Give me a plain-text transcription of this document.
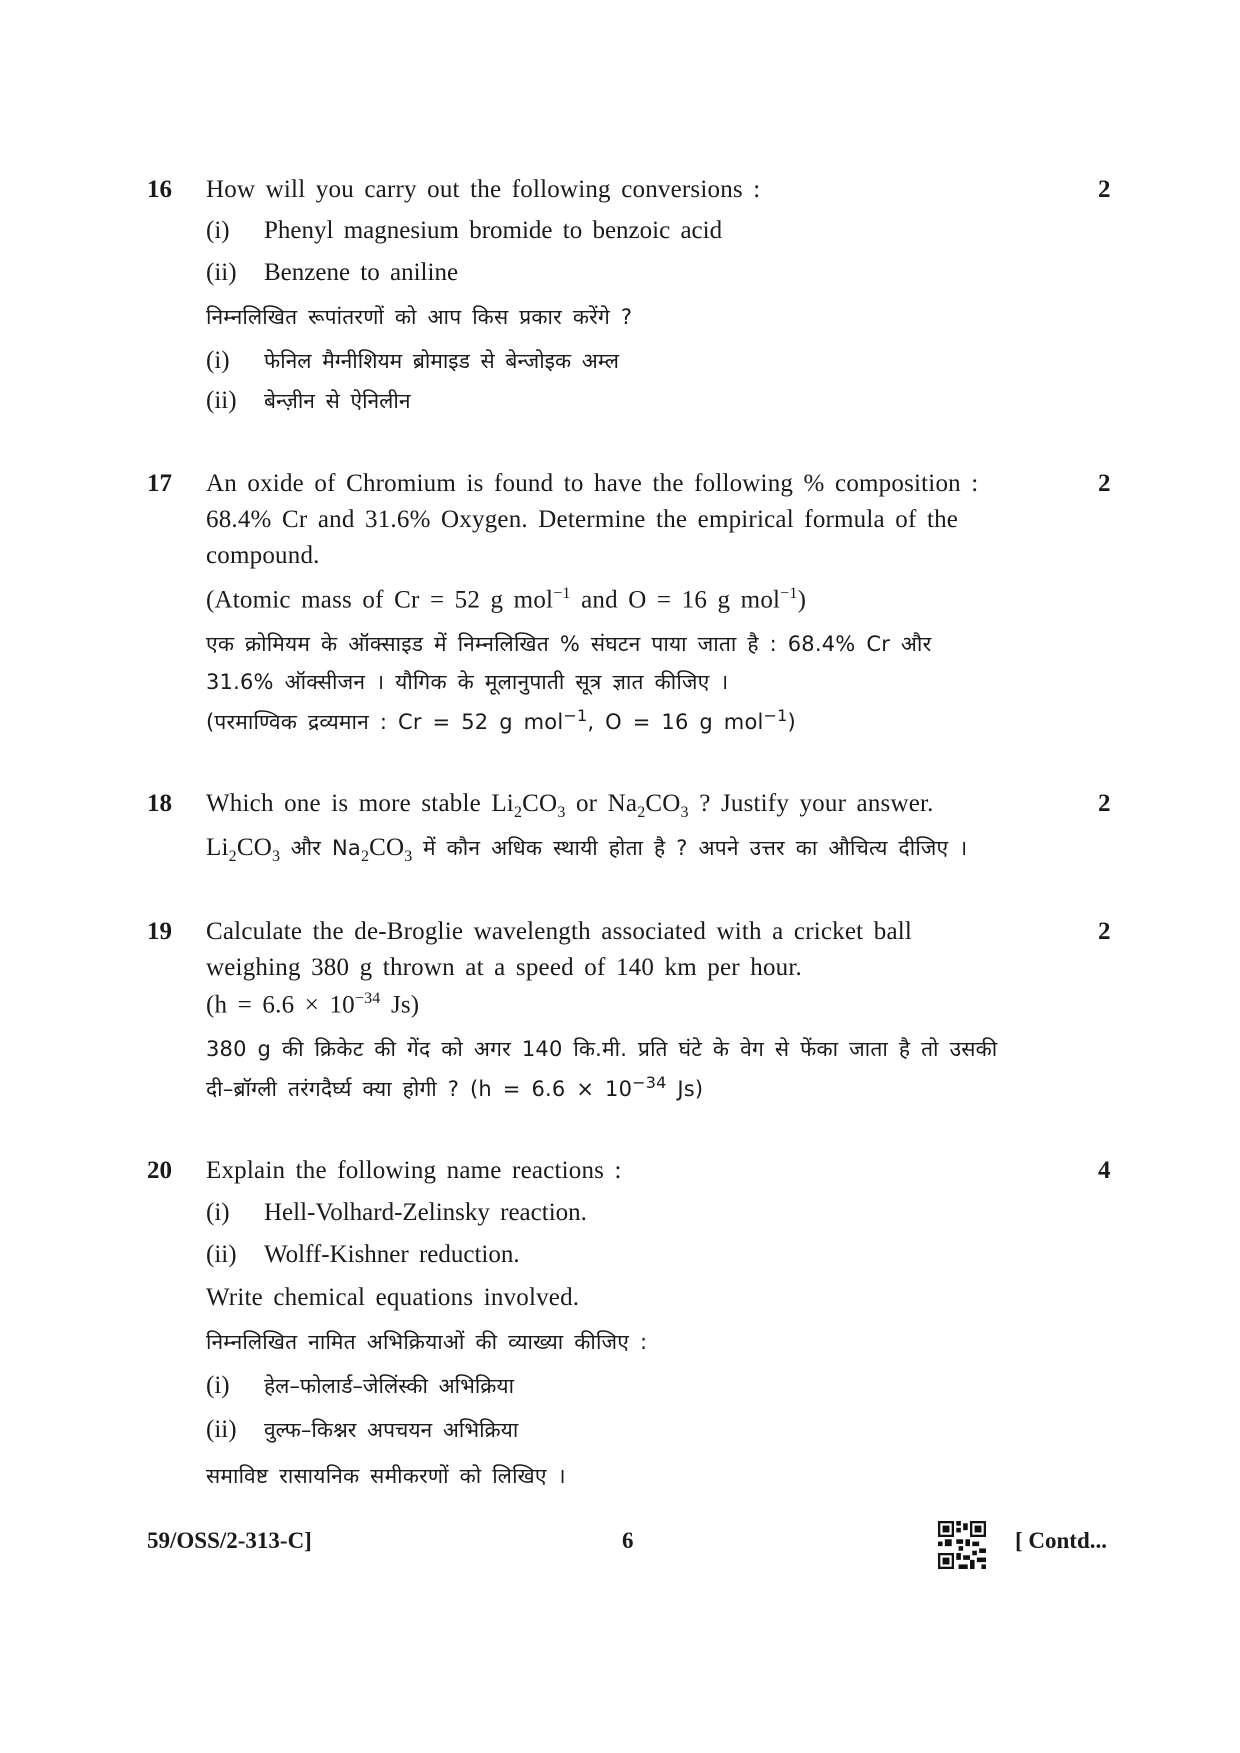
16	2
How will you carry out the following conversions :
(i) Phenyl magnesium bromide to benzoic acid
(ii) Benzene to aniline
निम्नलिखित रूपांतरणों को आप किस प्रकार करेंगे ?
(i) फेनिल मैग्नीशियम ब्रोमाइड से बेन्जोइक अम्ल
(ii) बेन्ज़ीन से ऐनिलीन
17	2
An oxide of Chromium is found to have the following % composition :
68.4% Cr and 31.6% Oxygen. Determine the empirical formula of the
compound.
(Atomic mass of Cr = 52 g mol$^{-1}$ and O = 16 g mol$^{-1}$)
एक क्रोमियम के ऑक्साइड में निम्नलिखित % संघटन पाया जाता है : 68.4% Cr और
31.6% ऑक्सीजन । यौगिक के मूलानुपाती सूत्र ज्ञात कीजिए ।
(परमाण्विक द्रव्यमान : Cr = 52 g mol$^{-1}$, O = 16 g mol$^{-1}$)
18	2
Which one is more stable $Li_2CO_3$ or $Na_2CO_3$ ? Justify your answer.
$Li_2CO_3$ और $Na_2CO_3$ में कौन अधिक स्थायी होता है ? अपने उत्तर का औचित्य दीजिए ।
19	2
Calculate the de-Broglie wavelength associated with a cricket ball
weighing 380 g thrown at a speed of 140 km per hour.
($h = 6.6 \times 10^{-34}$ Js)
380 g की क्रिकेट की गेंद को अगर 140 कि.मी. प्रति घंटे के वेग से फेंका जाता है तो उसकी
दी–ब्रॉग्ली तरंगदैर्घ्य क्या होगी ? ($h = 6.6 \times 10^{-34}$ Js)
20	4
Explain the following name reactions :
(i) Hell-Volhard-Zelinsky reaction.
(ii) Wolff-Kishner reduction.
Write chemical equations involved.
निम्नलिखित नामित अभिक्रियाओं की व्याख्या कीजिए :
(i) हेल–फोलार्ड–जेलिंस्की अभिक्रिया
(ii) वुल्फ–किश्नर अपचयन अभिक्रिया
समाविष्ट रासायनिक समीकरणों को लिखिए ।
59/OSS/2-313-C]	6	[ Contd...
